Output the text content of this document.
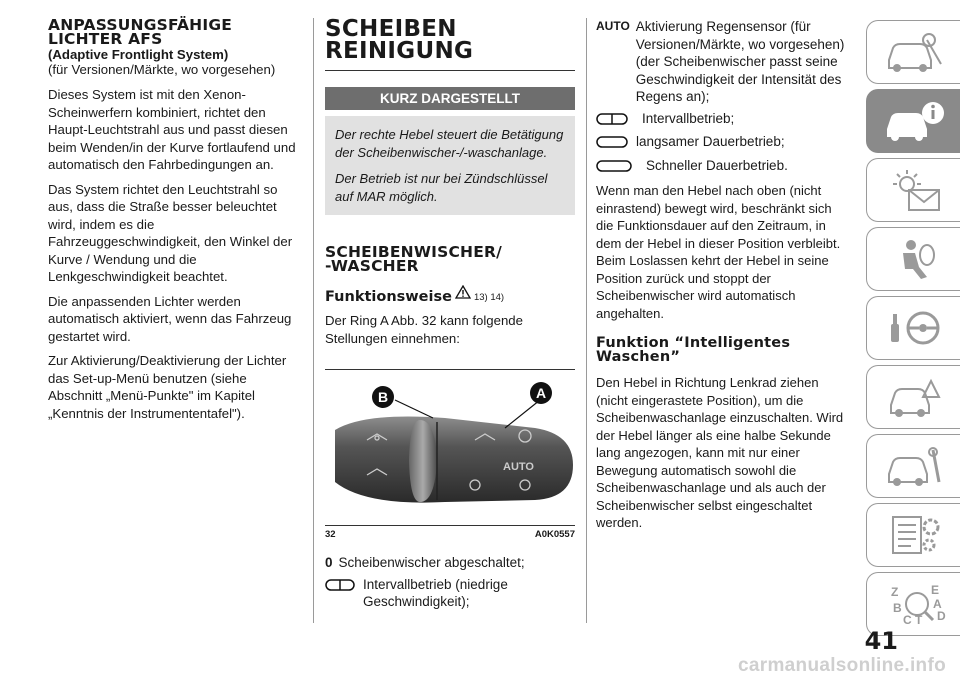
ANPASSUNGSFÄHIGE
LICHTER AFS

(Adaptive Frontlight System)

(für Versionen/Märkte, wo vorgesehen)

Dieses System ist mit den Xenon-Scheinwerfern kombiniert, richtet den Haupt-Leuchtstrahl aus und passt diesen beim Wenden/in der Kurve fortlaufend und automatisch den Fahrbedingungen an.

Das System richtet den Leuchtstrahl so aus, dass die Straße besser beleuchtet wird, indem es die Fahrzeuggeschwindigkeit, den Winkel der Kurve / Wendung und die Lenkgeschwindigkeit beachtet.

Die anpassenden Lichter werden automatisch aktiviert, wenn das Fahrzeug gestartet wird.

Zur Aktivierung/Deaktivierung der Lichter das Set-up-Menü benutzen (siehe Abschnitt „Menü-Punkte" im Kapitel „Kenntnis der Instrumententafel").

SCHEIBEN
REINIGUNG
KURZ DARGESTELLT

Der rechte Hebel steuert die Betätigung der Scheibenwischer-/-waschanlage.

Der Betrieb ist nur bei Zündschlüssel auf MAR möglich.

SCHEIBENWISCHER/
-WASCHER
Funktionsweise 13) 14)

Der Ring A Abb. 32 kann folgende Stellungen einnehmen:

AUTO
B	A
32	A0K0557
0 Scheibenwischer abgeschaltet;
Intervallbetrieb (niedrige Geschwindigkeit);
AUTO Aktivierung Regensensor (für Versionen/Märkte, wo vorgesehen) (der Scheibenwischer passt seine Geschwindigkeit der Intensität des Regens an);
Intervallbetrieb;
langsamer Dauerbetrieb;
Schneller Dauerbetrieb.

Wenn man den Hebel nach oben (nicht einrastend) bewegt wird, beschränkt sich die Funktionsdauer auf den Zeitraum, in dem der Hebel in dieser Position verbleibt. Beim Loslassen kehrt der Hebel in seine Position zurück und stoppt der Scheibenwischer wird automatisch angehalten.

Funktion “Intelligentes
Waschen”

Den Hebel in Richtung Lenkrad ziehen (nicht eingerastete Position), um die Scheibenwaschanlage einzuschalten. Wird der Hebel länger als eine halbe Sekunde lang angezogen, kann mit nur einer Bewegung automatisch sowohl die Scheibenwaschanlage und als auch der Scheibenwischer selbst eingeschaltet werden.

Z	E
A
B
C T D
41
carmanualsonline.info
